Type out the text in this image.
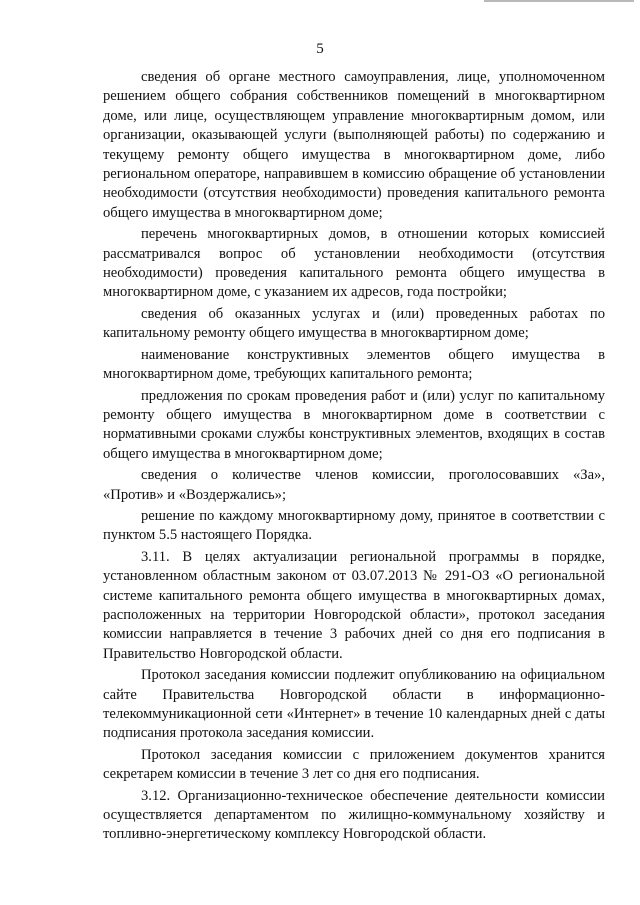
5

сведения об органе местного самоуправления, лице, уполномоченном решением общего собрания собственников помещений в многоквартирном доме, или лице, осуществляющем управление многоквартирным домом, или организации, оказывающей услуги (выполняющей работы) по содержанию и текущему ремонту общего имущества в многоквартирном доме, либо региональном операторе, направившем в комиссию обращение об установлении необходимости (отсутствия необходимости) проведения капитального ремонта общего имущества в многоквартирном доме;

перечень многоквартирных домов, в отношении которых комиссией рассматривался вопрос об установлении необходимости (отсутствия необходимости) проведения капитального ремонта общего имущества в многоквартирном доме, с указанием их адресов, года постройки;

сведения об оказанных услугах и (или) проведенных работах по капитальному ремонту общего имущества в многоквартирном доме;

наименование конструктивных элементов общего имущества в многоквартирном доме, требующих капитального ремонта;

предложения по срокам проведения работ и (или) услуг по капитальному ремонту общего имущества в многоквартирном доме в соответствии с нормативными сроками службы конструктивных элементов, входящих в состав общего имущества в многоквартирном доме;

сведения о количестве членов комиссии, проголосовавших «За», «Против» и «Воздержались»;

решение по каждому многоквартирному дому, принятое в соответствии с пунктом 5.5 настоящего Порядка.

3.11. В целях актуализации региональной программы в порядке, установленном областным законом от 03.07.2013 № 291-ОЗ «О региональной системе капитального ремонта общего имущества в многоквартирных домах, расположенных на территории Новгородской области», протокол заседания комиссии направляется в течение 3 рабочих дней со дня его подписания в Правительство Новгородской области.

Протокол заседания комиссии подлежит опубликованию на официальном сайте Правительства Новгородской области в информационно-телекоммуникационной сети «Интернет» в течение 10 календарных дней с даты подписания протокола заседания комиссии.

Протокол заседания комиссии с приложением документов хранится секретарем комиссии в течение 3 лет со дня его подписания.

3.12. Организационно-техническое обеспечение деятельности комиссии осуществляется департаментом по жилищно-коммунальному хозяйству и топливно-энергетическому комплексу Новгородской области.
